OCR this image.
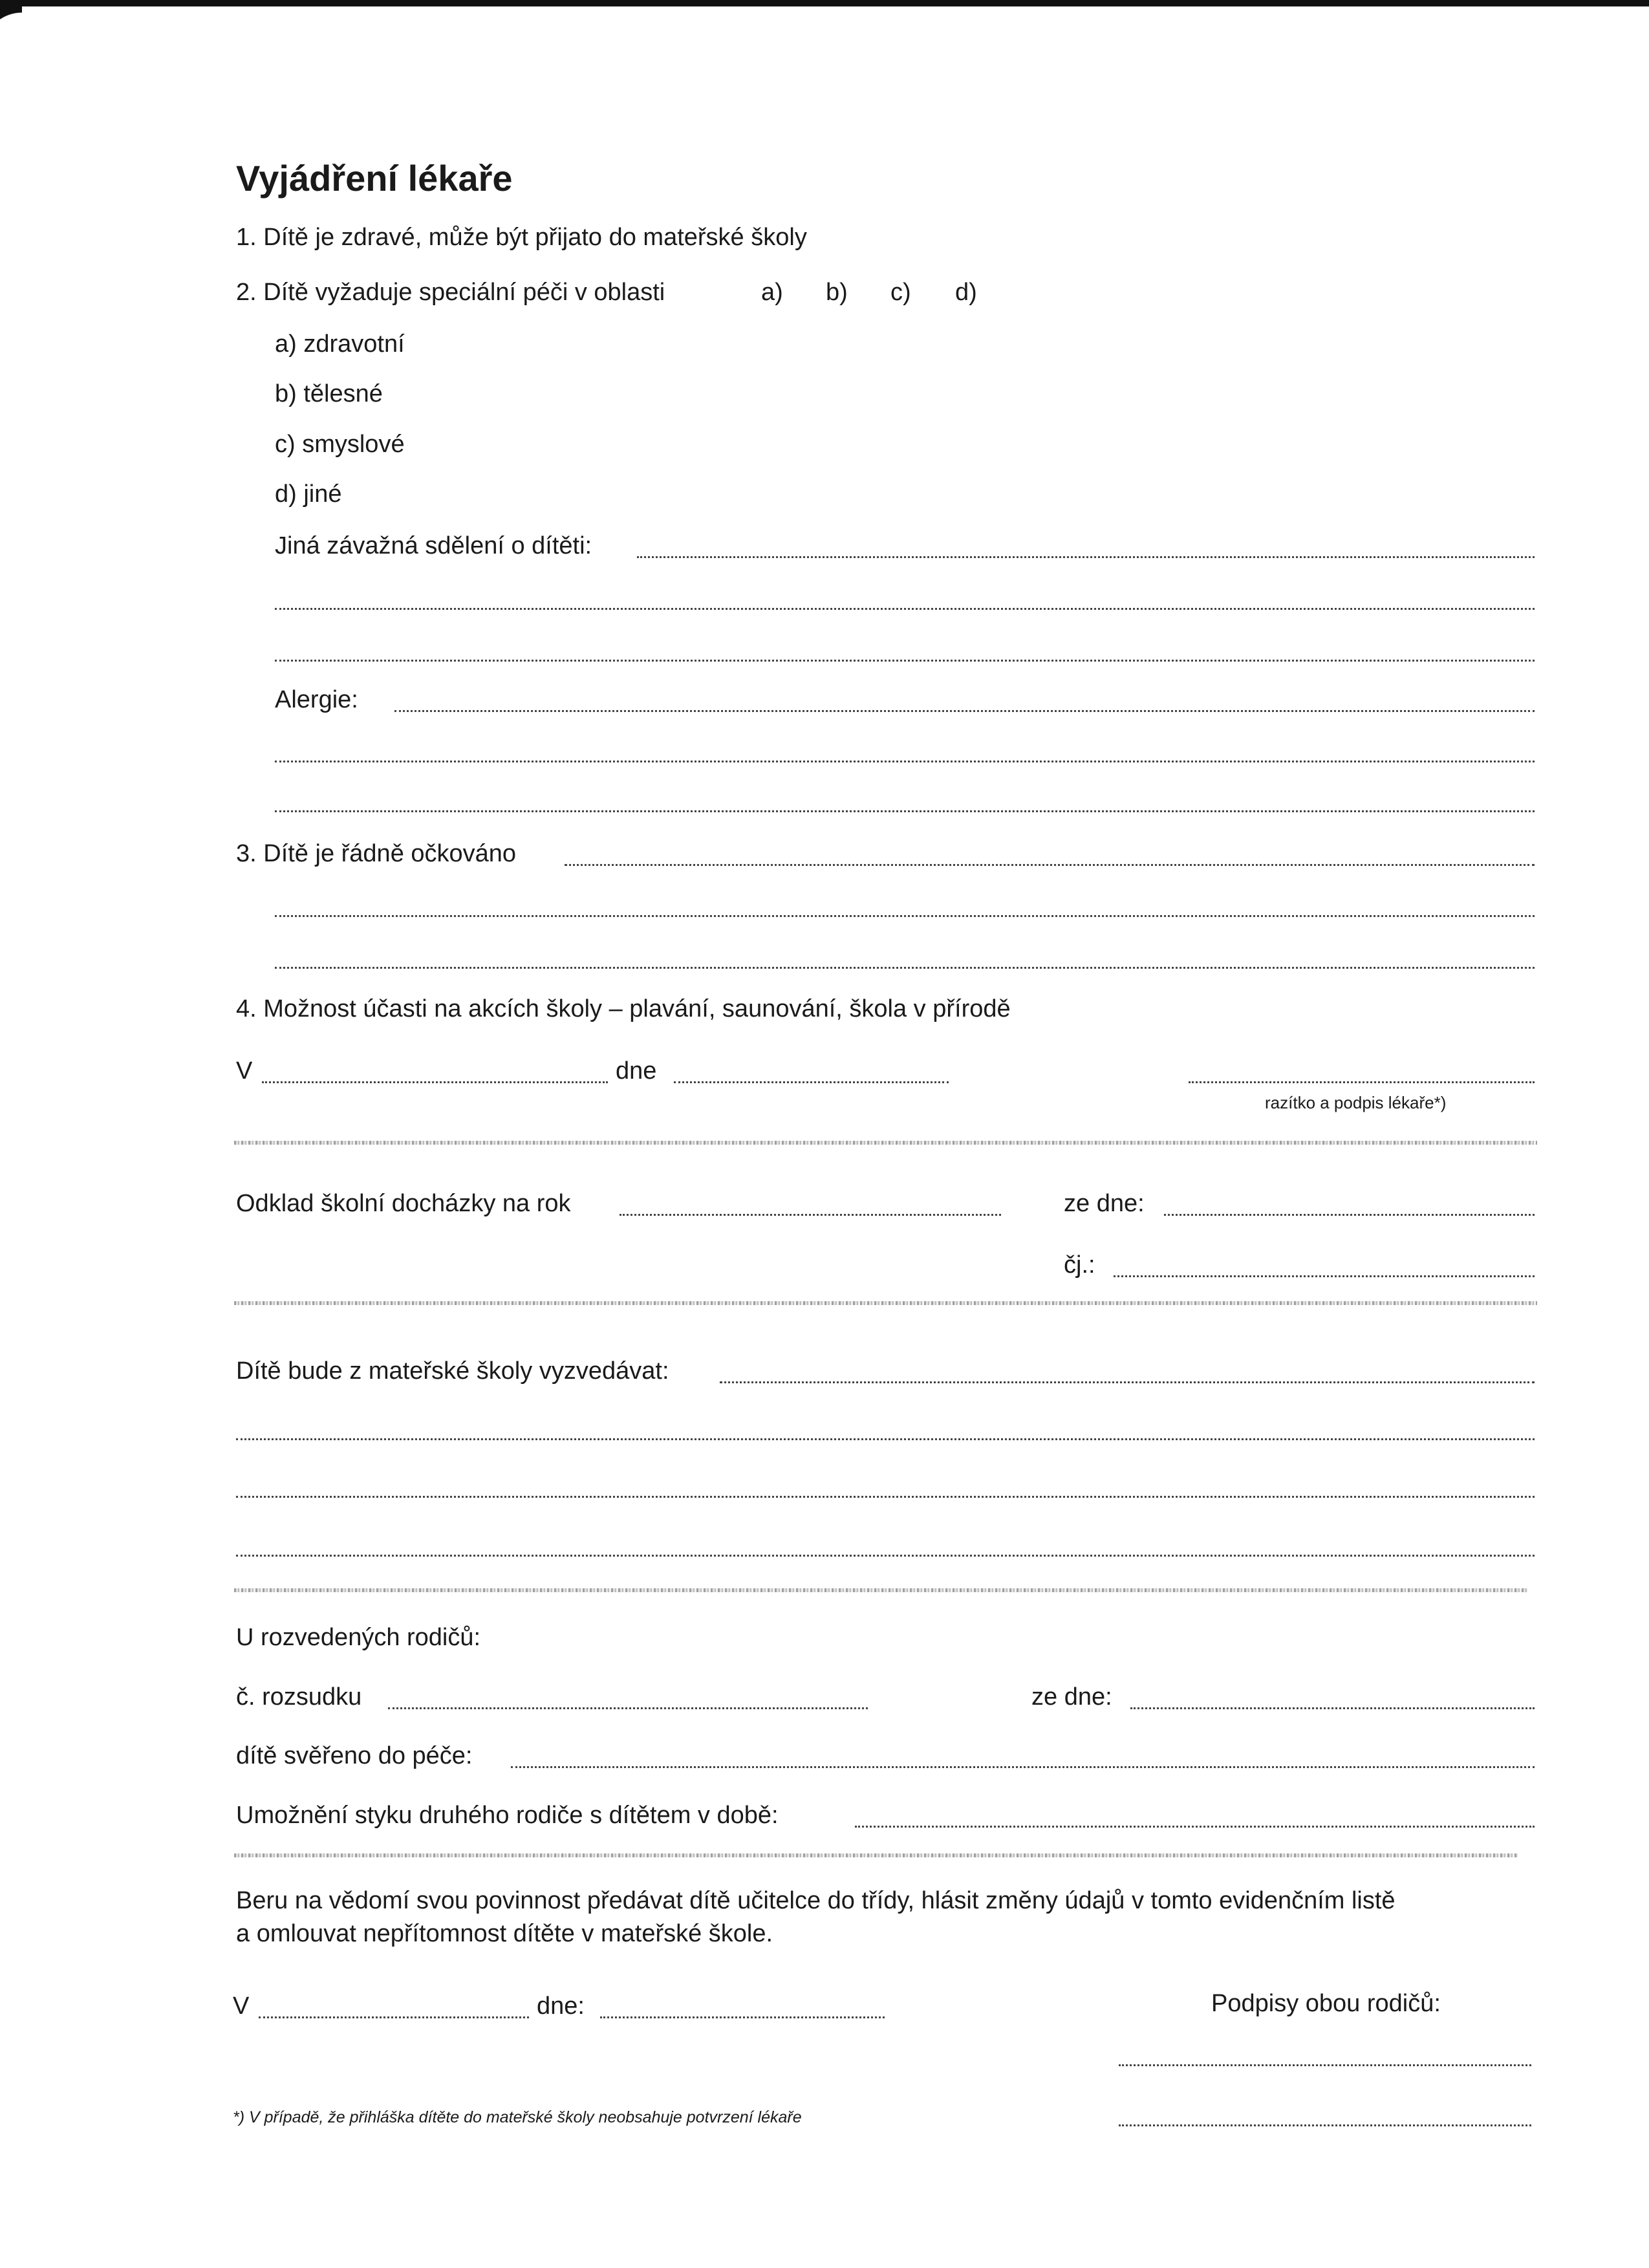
Vyjádření lékaře
1. Dítě je zdravé, může být přijato do mateřské školy
2. Dítě vyžaduje speciální péči v oblasti	a) b) c) d)
a) zdravotní
b) tělesné
c) smyslové
d) jiné
Jiná závažná sdělení o dítěti:
Alergie:
3. Dítě je řádně očkováno
4. Možnost účasti na akcích školy – plavání, saunování, škola v přírodě
V	dne
razítko a podpis lékaře*)
Odklad školní docházky na rok	ze dne:
čj.:
Dítě bude z mateřské školy vyzvedávat:
U rozvedených rodičů:
č. rozsudku	ze dne:
dítě svěřeno do péče:
Umožnění styku druhého rodiče s dítětem v době:
Beru na vědomí svou povinnost předávat dítě učitelce do třídy, hlásit změny údajů v tomto evidenčním listě
a omlouvat nepřítomnost dítěte v mateřské škole.
V	dne:	Podpisy obou rodičů:
*) V případě, že přihláška dítěte do mateřské školy neobsahuje potvrzení lékaře
